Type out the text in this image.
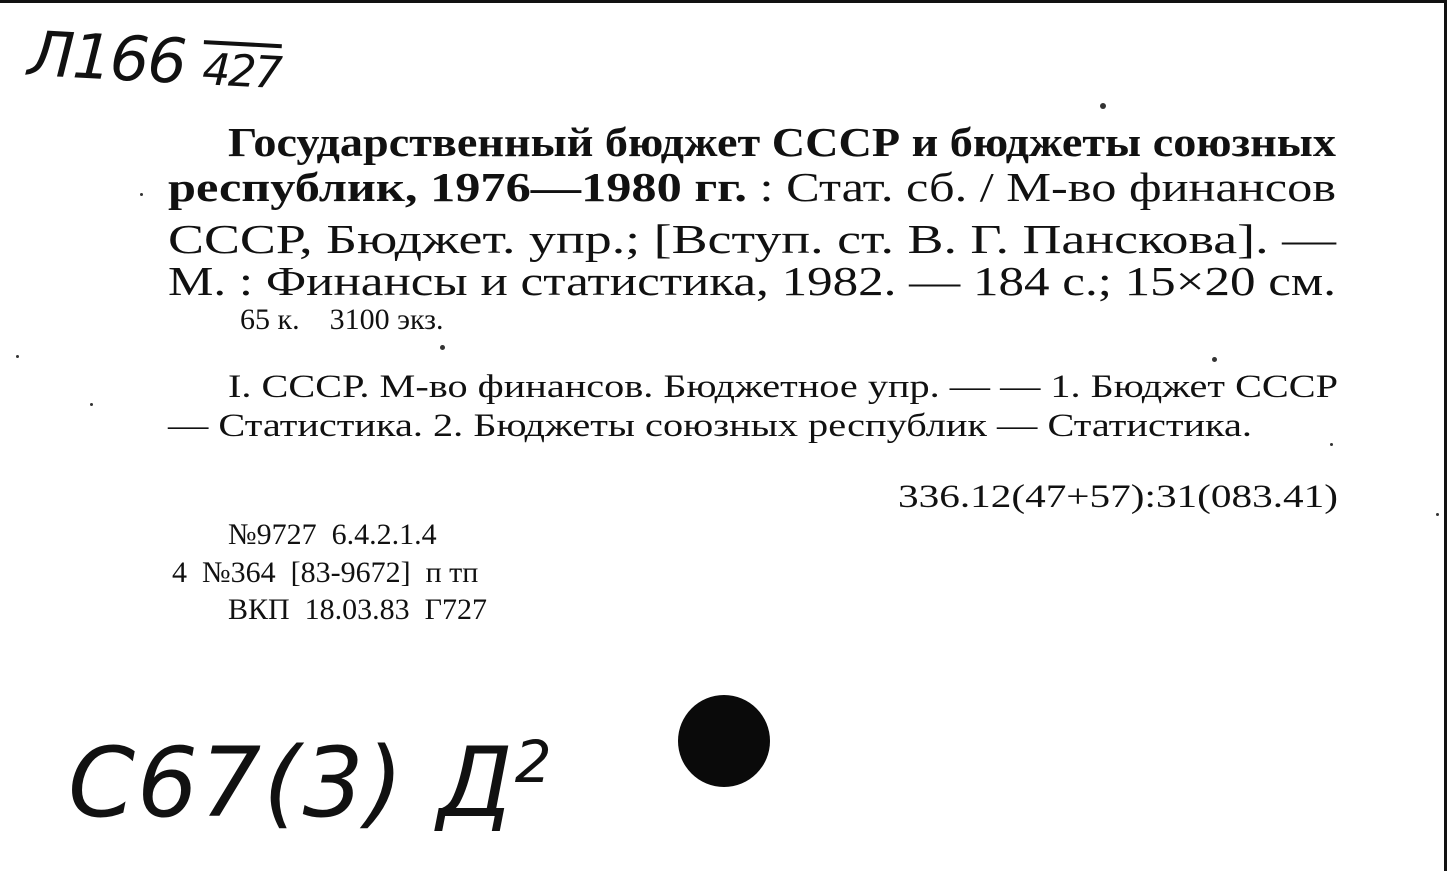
Л166 427
Государственный бюджет СССР и бюджеты союзных
республик, 1976—1980 гг. : Стат. сб. / М-во финансов
СССР, Бюджет. упр.; [Вступ. ст. В. Г. Панскова]. —
М. : Финансы и статистика, 1982. — 184 с.; 15×20 см.
65 к.    3100 экз.
I. СССР. М-во финансов. Бюджетное упр. — — 1. Бюджет СССР
— Статистика. 2. Бюджеты союзных республик — Статистика.
336.12(47+57):31(083.41)
№9727  6.4.2.1.4
4  №364  [83-9672]  п тп
ВКП  18.03.83  Г727
С67(3) $Д^2$
